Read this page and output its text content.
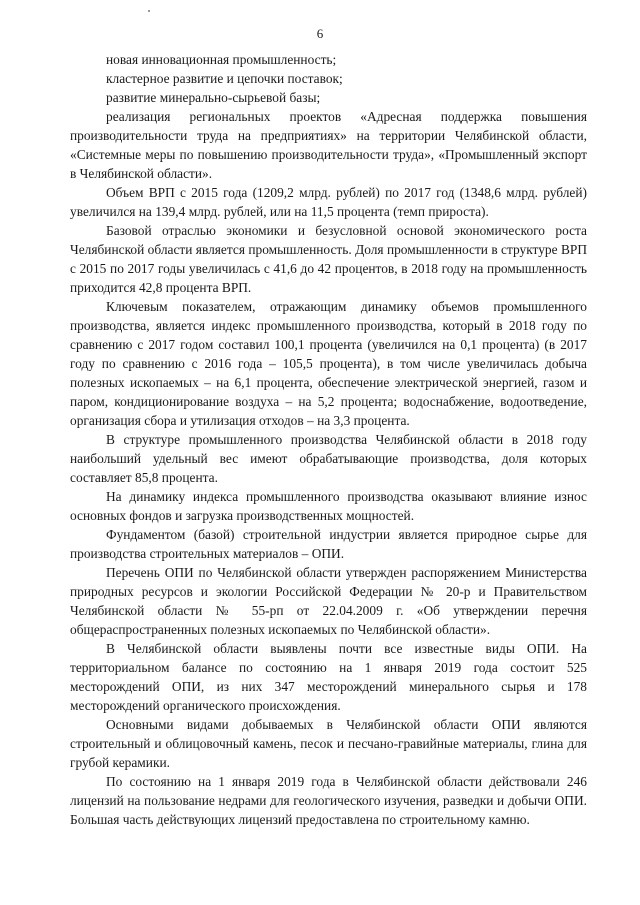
6

новая инновационная промышленность;

кластерное развитие и цепочки поставок;

развитие минерально-сырьевой базы;

реализация региональных проектов «Адресная поддержка повышения производительности труда на предприятиях» на территории Челябинской области, «Системные меры по повышению производительности труда», «Промышленный экспорт в Челябинской области».

Объем ВРП с 2015 года (1209,2 млрд. рублей) по 2017 год (1348,6 млрд. рублей) увеличился на 139,4 млрд. рублей, или на 11,5 процента (темп прироста).

Базовой отраслью экономики и безусловной основой экономического роста Челябинской области является промышленность. Доля промышленности в структуре ВРП с 2015 по 2017 годы увеличилась с 41,6 до 42 процентов, в 2018 году на промышленность приходится 42,8 процента ВРП.

Ключевым показателем, отражающим динамику объемов промышленного производства, является индекс промышленного производства, который в 2018 году по сравнению с 2017 годом составил 100,1 процента (увеличился на 0,1 процента) (в 2017 году по сравнению с 2016 года – 105,5 процента), в том числе увеличилась добыча полезных ископаемых – на 6,1 процента, обеспечение электрической энергией, газом и паром, кондиционирование воздуха – на 5,2 процента; водоснабжение, водоотведение, организация сбора и утилизация отходов – на 3,3 процента.

В структуре промышленного производства Челябинской области в 2018 году наибольший удельный вес имеют обрабатывающие производства, доля которых составляет 85,8 процента.

На динамику индекса промышленного производства оказывают влияние износ основных фондов и загрузка производственных мощностей.

Фундаментом (базой) строительной индустрии является природное сырье для производства строительных материалов – ОПИ.

Перечень ОПИ по Челябинской области утвержден распоряжением Министерства природных ресурсов и экологии Российской Федерации № 20-р и Правительством Челябинской области № 55-рп от 22.04.2009 г. «Об утверждении перечня общераспространенных полезных ископаемых по Челябинской области».

В Челябинской области выявлены почти все известные виды ОПИ. На территориальном балансе по состоянию на 1 января 2019 года состоит 525 месторождений ОПИ, из них 347 месторождений минерального сырья и 178 месторождений органического происхождения.

Основными видами добываемых в Челябинской области ОПИ являются строительный и облицовочный камень, песок и песчано-гравийные материалы, глина для грубой керамики.

По состоянию на 1 января 2019 года в Челябинской области действовали 246 лицензий на пользование недрами для геологического изучения, разведки и добычи ОПИ. Большая часть действующих лицензий предоставлена по строительному камню.
